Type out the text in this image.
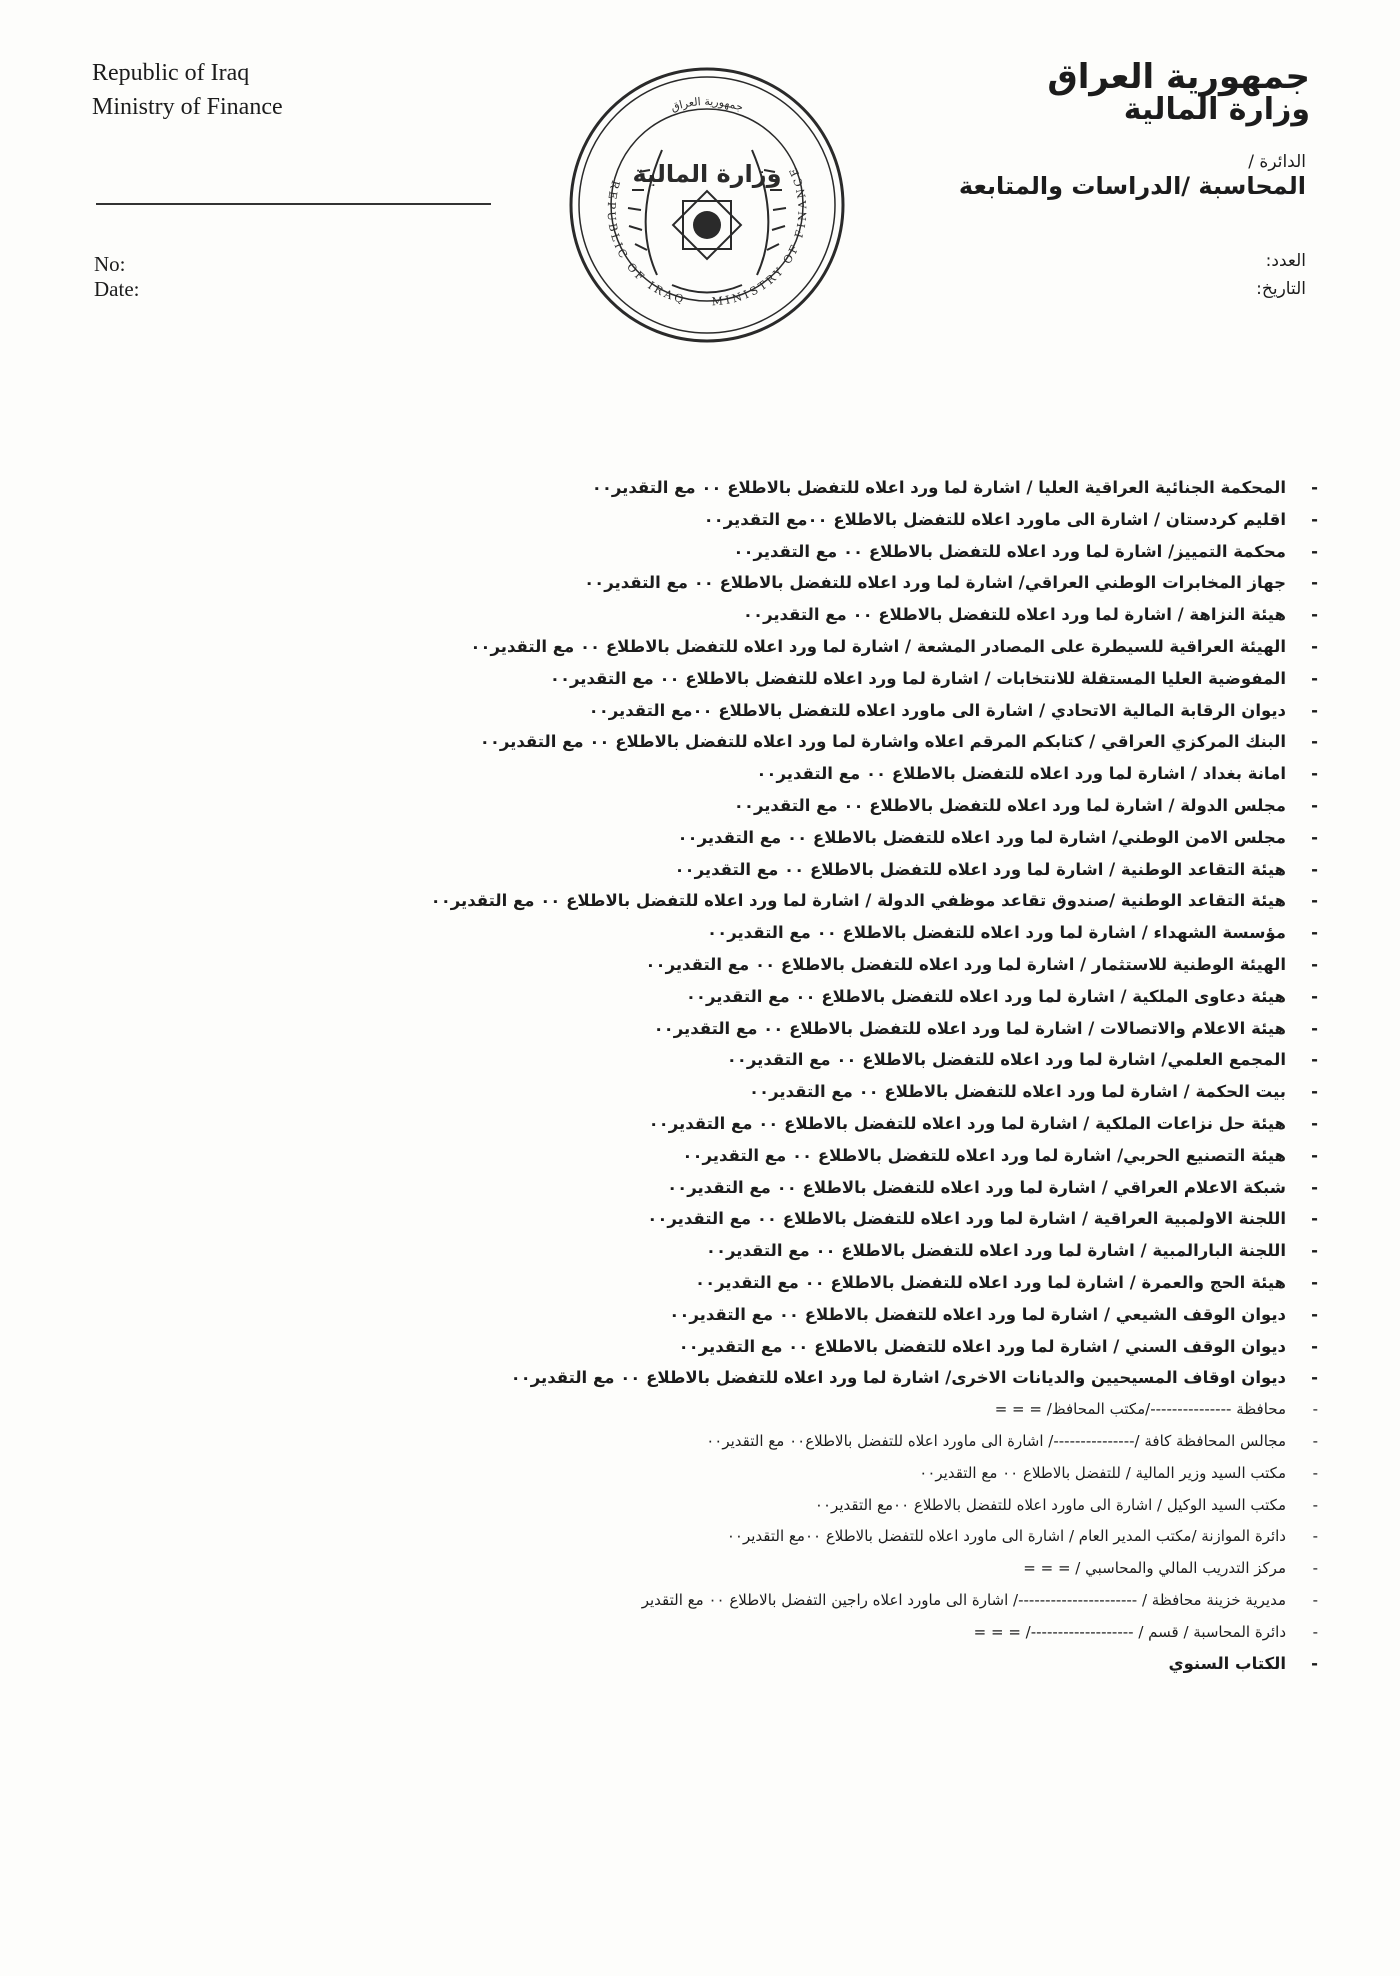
Republic of Iraq
Ministry of Finance
No:
Date:
جمهورية العراق
REPUBLIC OF IRAQ MINISTRY OF FINANCE
وزارة المالية
جمهورية العراق
وزارة المالية
الدائرة /
المحاسبة /الدراسات والمتابعة
العدد:
التاريخ:
-المحكمة الجنائية العراقية العليا / اشارة لما ورد اعلاه للتفضل بالاطلاع ٠٠ مع التقدير٠٠
-اقليم كردستان / اشارة الى ماورد اعلاه للتفضل بالاطلاع ٠٠مع التقدير٠٠
-محكمة التمييز/ اشارة لما ورد اعلاه للتفضل بالاطلاع ٠٠ مع التقدير٠٠
-جهاز المخابرات الوطني العراقي/ اشارة لما ورد اعلاه للتفضل بالاطلاع ٠٠ مع التقدير٠٠
-هيئة النزاهة / اشارة لما ورد اعلاه للتفضل بالاطلاع ٠٠ مع التقدير٠٠
-الهيئة العراقية للسيطرة على المصادر المشعة / اشارة لما ورد اعلاه للتفضل بالاطلاع ٠٠ مع التقدير٠٠
-المفوضية العليا المستقلة للانتخابات / اشارة لما ورد اعلاه للتفضل بالاطلاع ٠٠ مع التقدير٠٠
-ديوان الرقابة المالية الاتحادي / اشارة الى ماورد اعلاه للتفضل بالاطلاع ٠٠مع التقدير٠٠
-البنك المركزي العراقي / كتابكم المرقم اعلاه واشارة لما ورد اعلاه للتفضل بالاطلاع ٠٠ مع التقدير٠٠
-امانة بغداد / اشارة لما ورد اعلاه للتفضل بالاطلاع ٠٠ مع التقدير٠٠
-مجلس الدولة / اشارة لما ورد اعلاه للتفضل بالاطلاع ٠٠ مع التقدير٠٠
-مجلس الامن الوطني/ اشارة لما ورد اعلاه للتفضل بالاطلاع ٠٠ مع التقدير٠٠
-هيئة التقاعد الوطنية / اشارة لما ورد اعلاه للتفضل بالاطلاع ٠٠ مع التقدير٠٠
-هيئة التقاعد الوطنية /صندوق تقاعد موظفي الدولة / اشارة لما ورد اعلاه للتفضل بالاطلاع ٠٠ مع التقدير٠٠
-مؤسسة الشهداء / اشارة لما ورد اعلاه للتفضل بالاطلاع ٠٠ مع التقدير٠٠
-الهيئة الوطنية للاستثمار / اشارة لما ورد اعلاه للتفضل بالاطلاع ٠٠ مع التقدير٠٠
-هيئة دعاوى الملكية / اشارة لما ورد اعلاه للتفضل بالاطلاع ٠٠ مع التقدير٠٠
-هيئة الاعلام والاتصالات / اشارة لما ورد اعلاه للتفضل بالاطلاع ٠٠ مع التقدير٠٠
-المجمع العلمي/ اشارة لما ورد اعلاه للتفضل بالاطلاع ٠٠ مع التقدير٠٠
-بيت الحكمة / اشارة لما ورد اعلاه للتفضل بالاطلاع ٠٠ مع التقدير٠٠
-هيئة حل نزاعات الملكية / اشارة لما ورد اعلاه للتفضل بالاطلاع ٠٠ مع التقدير٠٠
-هيئة التصنيع الحربي/ اشارة لما ورد اعلاه للتفضل بالاطلاع ٠٠ مع التقدير٠٠
-شبكة الاعلام العراقي / اشارة لما ورد اعلاه للتفضل بالاطلاع ٠٠ مع التقدير٠٠
-اللجنة الاولمبية العراقية / اشارة لما ورد اعلاه للتفضل بالاطلاع ٠٠ مع التقدير٠٠
-اللجنة البارالمبية / اشارة لما ورد اعلاه للتفضل بالاطلاع ٠٠ مع التقدير٠٠
-هيئة الحج والعمرة / اشارة لما ورد اعلاه للتفضل بالاطلاع ٠٠ مع التقدير٠٠
-ديوان الوقف الشيعي / اشارة لما ورد اعلاه للتفضل بالاطلاع ٠٠ مع التقدير٠٠
-ديوان الوقف السني / اشارة لما ورد اعلاه للتفضل بالاطلاع ٠٠ مع التقدير٠٠
-ديوان اوقاف المسيحيين والديانات الاخرى/ اشارة لما ورد اعلاه للتفضل بالاطلاع ٠٠ مع التقدير٠٠
-محافظة ---------------/مكتب المحافظ/ = = =
-مجالس المحافظة كافة /---------------/ اشارة الى ماورد اعلاه للتفضل بالاطلاع٠٠ مع التقدير٠٠
-مكتب السيد وزير المالية / للتفضل بالاطلاع ٠٠ مع التقدير٠٠
-مكتب السيد الوكيل / اشارة الى ماورد اعلاه للتفضل بالاطلاع ٠٠مع التقدير٠٠
-دائرة الموازنة /مكتب المدير العام / اشارة الى ماورد اعلاه للتفضل بالاطلاع ٠٠مع التقدير٠٠
-مركز التدريب المالي والمحاسبي / = = =
-مديرية خزينة محافظة / ----------------------/ اشارة الى ماورد اعلاه راجين التفضل بالاطلاع ٠٠ مع التقدير
-دائرة المحاسبة / قسم / -------------------/ = = =
-الكتاب السنوي
